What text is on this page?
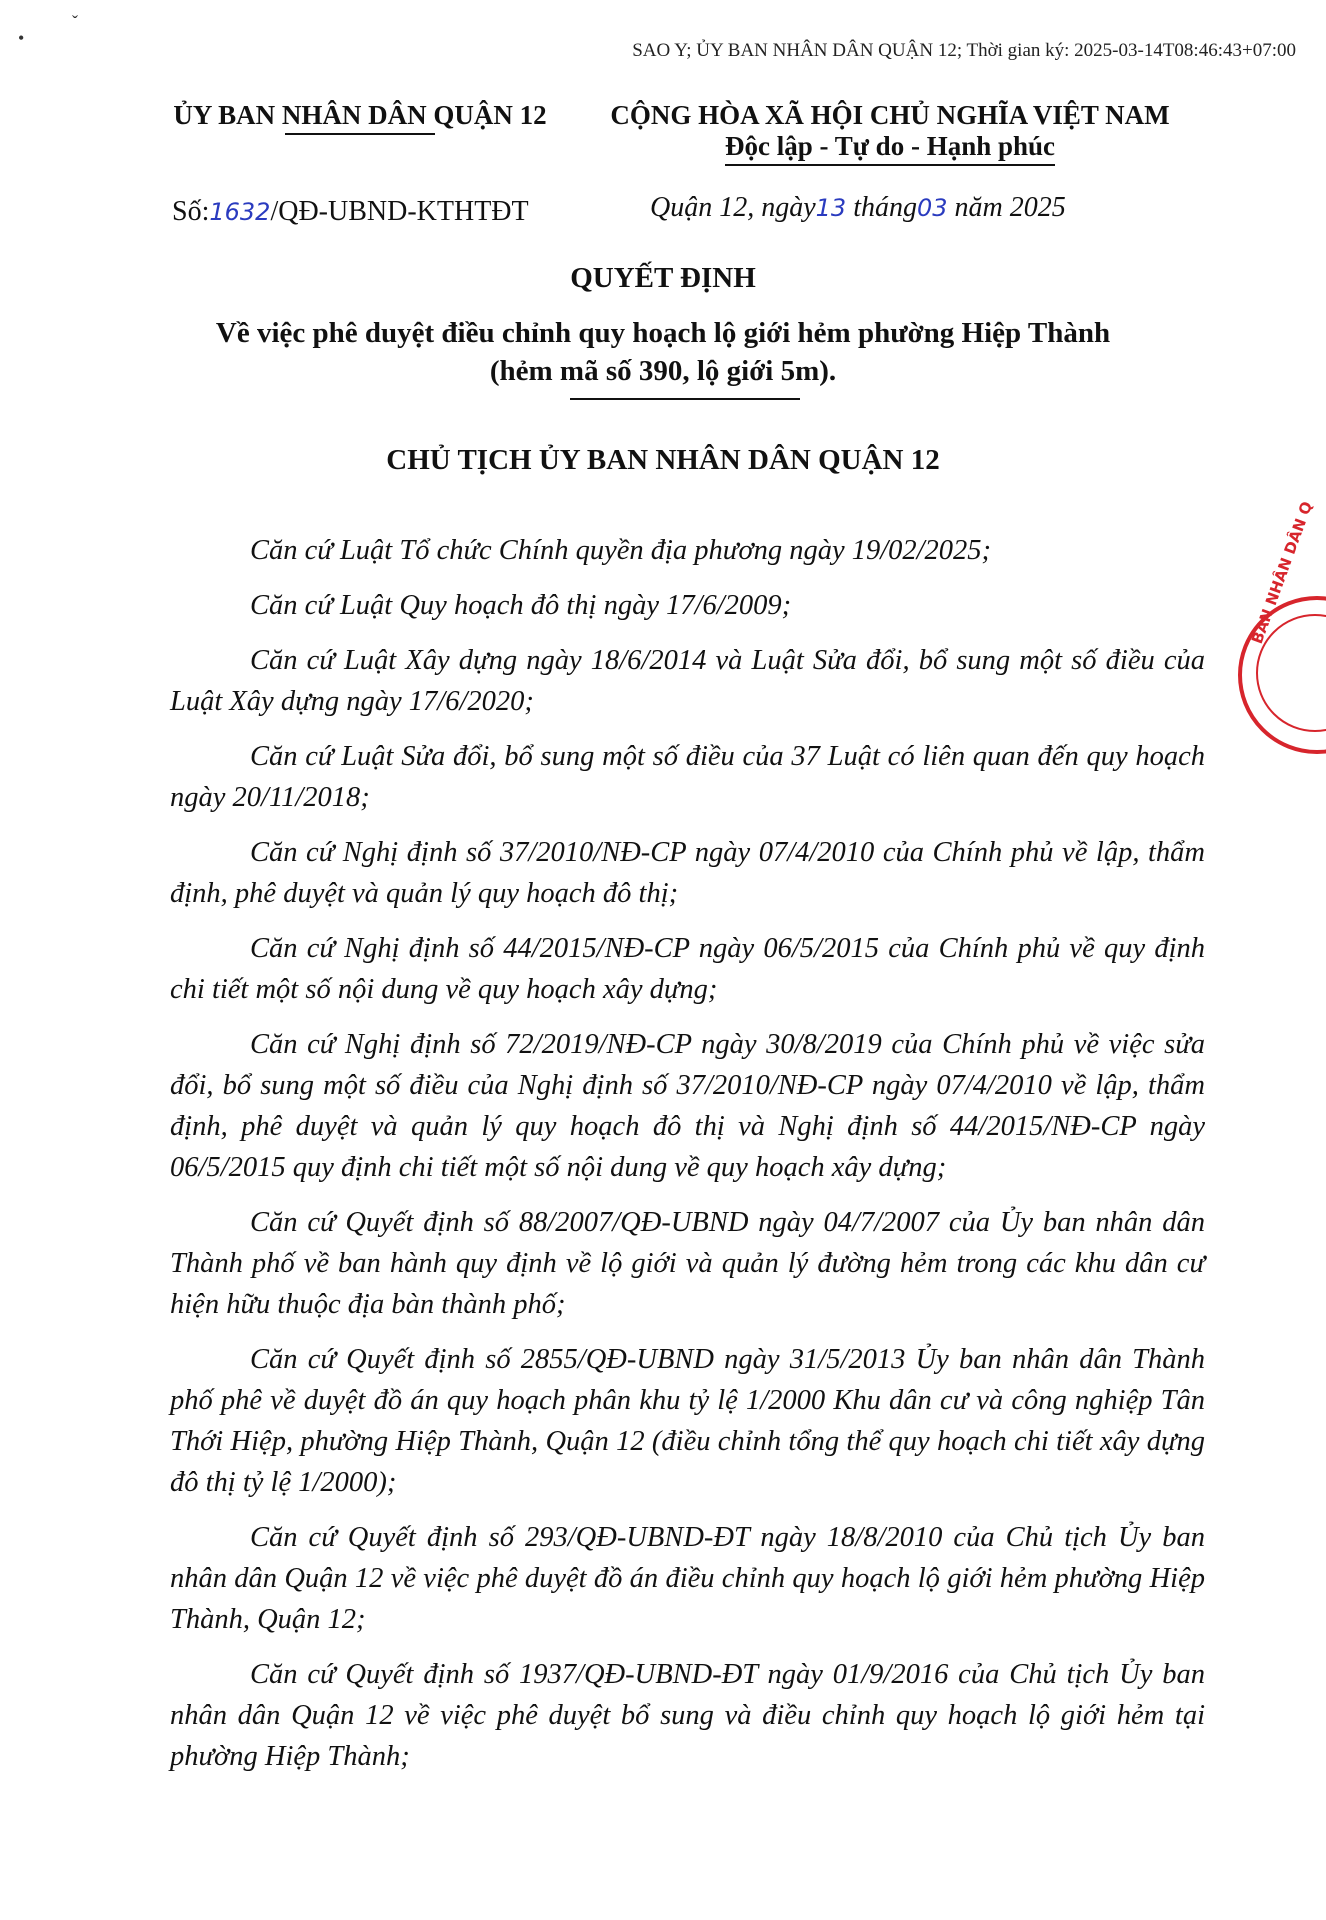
•
ˇ
SAO Y; ỦY BAN NHÂN DÂN QUẬN 12; Thời gian ký: 2025-03-14T08:46:43+07:00
ỦY BAN NHÂN DÂN QUẬN 12	CỘNG HÒA XÃ HỘI CHỦ NGHĨA VIỆT NAM
Độc lập - Tự do - Hạnh phúc
Số:1632/QĐ-UBND-KTHTĐT	Quận 12, ngày13 tháng03 năm 2025
QUYẾT ĐỊNH
Về việc phê duyệt điều chỉnh quy hoạch lộ giới hẻm phường Hiệp Thành
(hẻm mã số 390, lộ giới 5m).
CHỦ TỊCH ỦY BAN NHÂN DÂN QUẬN 12

Căn cứ Luật Tổ chức Chính quyền địa phương ngày 19/02/2025;

Căn cứ Luật Quy hoạch đô thị ngày 17/6/2009;

Căn cứ Luật Xây dựng ngày 18/6/2014 và Luật Sửa đổi, bổ sung một số điều của Luật Xây dựng ngày 17/6/2020;

Căn cứ Luật Sửa đổi, bổ sung một số điều của 37 Luật có liên quan đến quy hoạch ngày 20/11/2018;

Căn cứ Nghị định số 37/2010/NĐ-CP ngày 07/4/2010 của Chính phủ về lập, thẩm định, phê duyệt và quản lý quy hoạch đô thị;

Căn cứ Nghị định số 44/2015/NĐ-CP ngày 06/5/2015 của Chính phủ về quy định chi tiết một số nội dung về quy hoạch xây dựng;

Căn cứ Nghị định số 72/2019/NĐ-CP ngày 30/8/2019 của Chính phủ về việc sửa đổi, bổ sung một số điều của Nghị định số 37/2010/NĐ-CP ngày 07/4/2010 về lập, thẩm định, phê duyệt và quản lý quy hoạch đô thị và Nghị định số 44/2015/NĐ-CP ngày 06/5/2015 quy định chi tiết một số nội dung về quy hoạch xây dựng;

Căn cứ Quyết định số 88/2007/QĐ-UBND ngày 04/7/2007 của Ủy ban nhân dân Thành phố về ban hành quy định về lộ giới và quản lý đường hẻm trong các khu dân cư hiện hữu thuộc địa bàn thành phố;

Căn cứ Quyết định số 2855/QĐ-UBND ngày 31/5/2013 Ủy ban nhân dân Thành phố phê về duyệt đồ án quy hoạch phân khu tỷ lệ 1/2000 Khu dân cư và công nghiệp Tân Thới Hiệp, phường Hiệp Thành, Quận 12 (điều chỉnh tổng thể quy hoạch chi tiết xây dựng đô thị tỷ lệ 1/2000);

Căn cứ Quyết định số 293/QĐ-UBND-ĐT ngày 18/8/2010 của Chủ tịch Ủy ban nhân dân Quận 12 về việc phê duyệt đồ án điều chỉnh quy hoạch lộ giới hẻm phường Hiệp Thành, Quận 12;

Căn cứ Quyết định số 1937/QĐ-UBND-ĐT ngày 01/9/2016 của Chủ tịch Ủy ban nhân dân Quận 12 về việc phê duyệt bổ sung và điều chỉnh quy hoạch lộ giới hẻm tại phường Hiệp Thành;

BAN NHÂN DÂN Q
